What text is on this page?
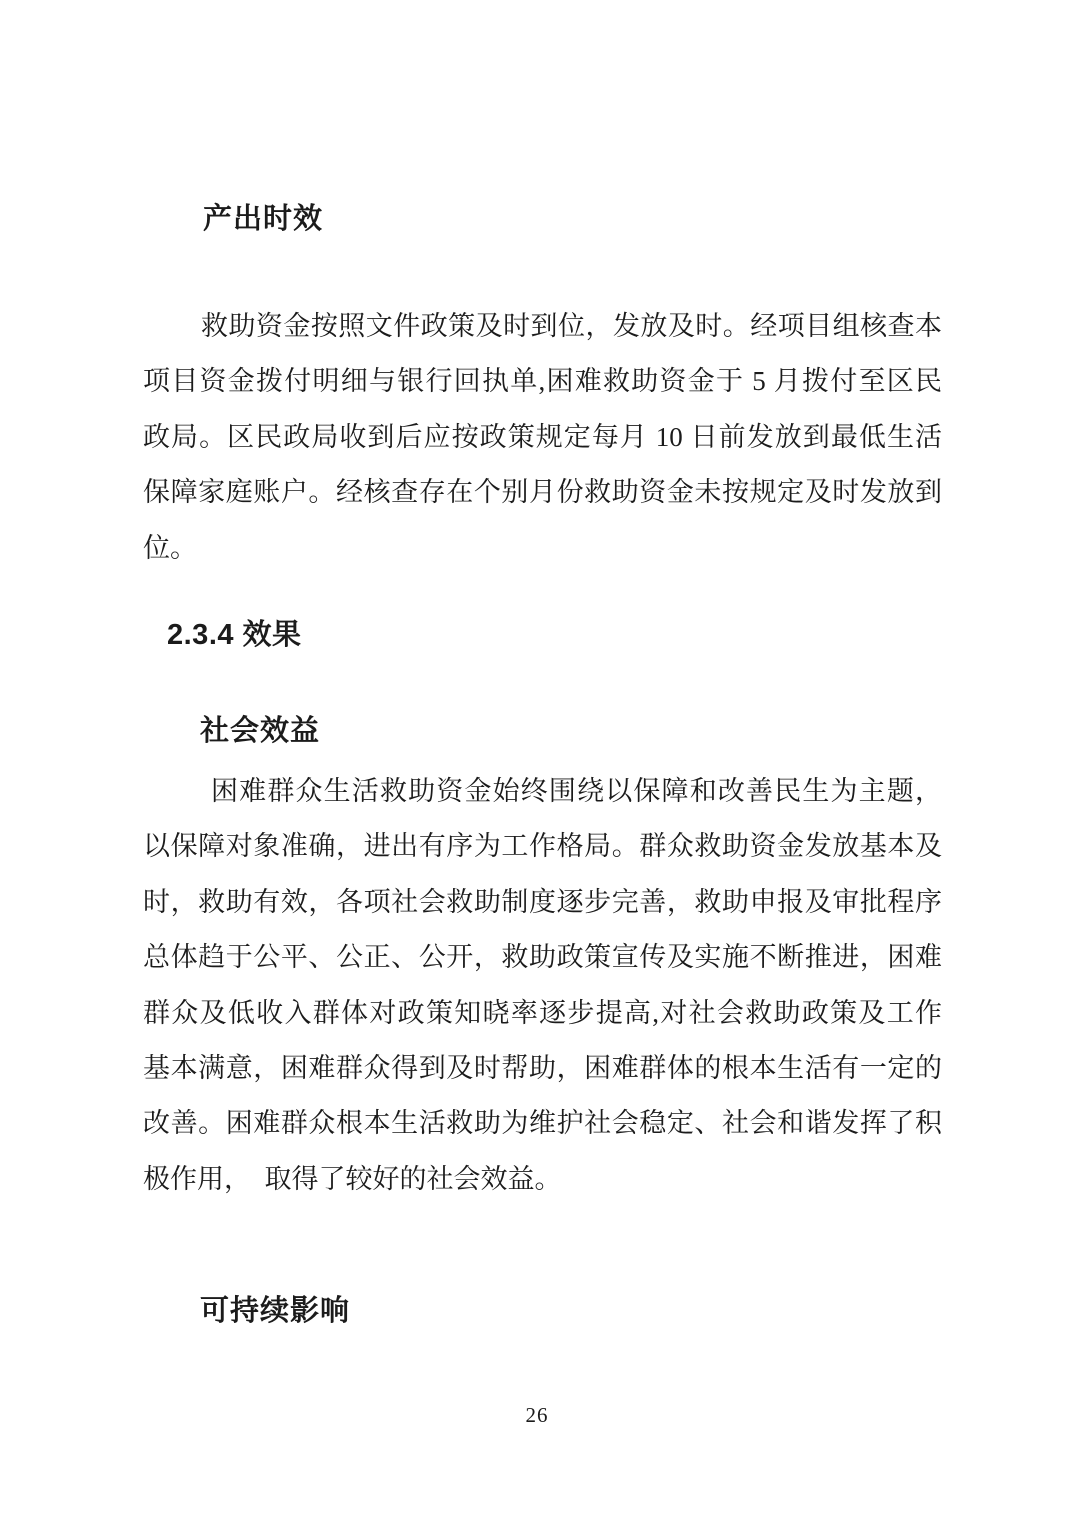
产出时效
救助资金按照文件政策及时到位，发放及时。经项目组核查本
项目资金拨付明细与银行回执单,困难救助资金于 5 月拨付至区民
政局。区民政局收到后应按政策规定每月 10 日前发放到最低生活
保障家庭账户。经核查存在个别月份救助资金未按规定及时发放到
位。
2.3.4 效果
社会效益
困难群众生活救助资金始终围绕以保障和改善民生为主题，
以保障对象准确，进出有序为工作格局。群众救助资金发放基本及
时，救助有效，各项社会救助制度逐步完善，救助申报及审批程序
总体趋于公平、公正、公开，救助政策宣传及实施不断推进，困难
群众及低收入群体对政策知晓率逐步提高,对社会救助政策及工作
基本满意，困难群众得到及时帮助，困难群体的根本生活有一定的
改善。困难群众根本生活救助为维护社会稳定、社会和谐发挥了积
极作用，　取得了较好的社会效益。
可持续影响
26
